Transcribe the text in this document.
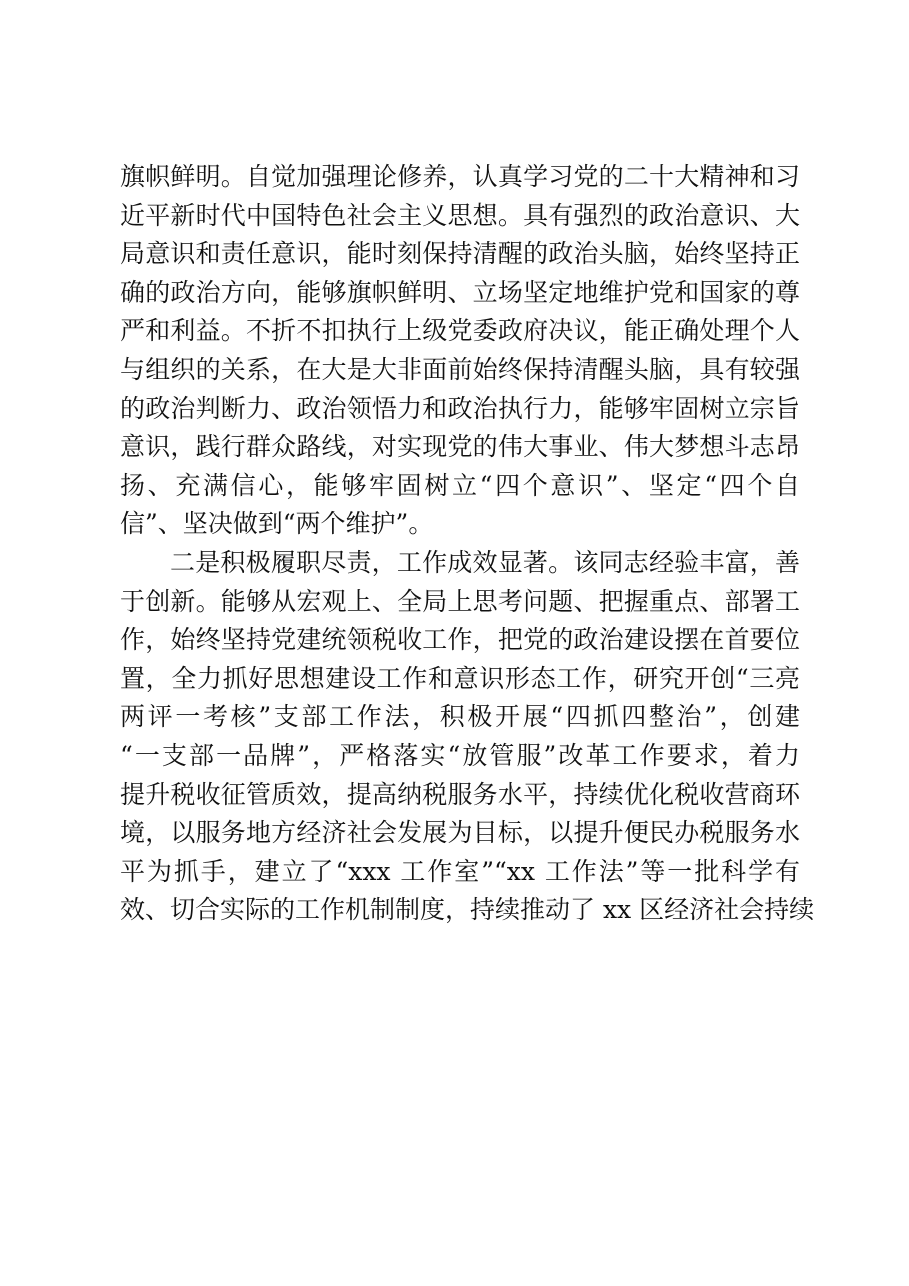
旗帜鲜明。自觉加强理论修养，认真学习党的二十大精神和习
近平新时代中国特色社会主义思想。具有强烈的政治意识、大
局意识和责任意识，能时刻保持清醒的政治头脑，始终坚持正
确的政治方向，能够旗帜鲜明、立场坚定地维护党和国家的尊
严和利益。不折不扣执行上级党委政府决议，能正确处理个人
与组织的关系，在大是大非面前始终保持清醒头脑，具有较强
的政治判断力、政治领悟力和政治执行力，能够牢固树立宗旨
意识，践行群众路线，对实现党的伟大事业、伟大梦想斗志昂
扬、充满信心，能够牢固树立“四个意识”、坚定“四个自
信”、坚决做到“两个维护”。
二是积极履职尽责，工作成效显著。该同志经验丰富，善
于创新。能够从宏观上、全局上思考问题、把握重点、部署工
作，始终坚持党建统领税收工作，把党的政治建设摆在首要位
置，全力抓好思想建设工作和意识形态工作，研究开创“三亮
两评一考核”支部工作法，积极开展“四抓四整治”，创建
“一支部一品牌”，严格落实“放管服”改革工作要求，着力
提升税收征管质效，提高纳税服务水平，持续优化税收营商环
境，以服务地方经济社会发展为目标，以提升便民办税服务水
平为抓手，建立了“xxx 工作室”“xx 工作法”等一批科学有
效、切合实际的工作机制制度，持续推动了 xx 区经济社会持续
